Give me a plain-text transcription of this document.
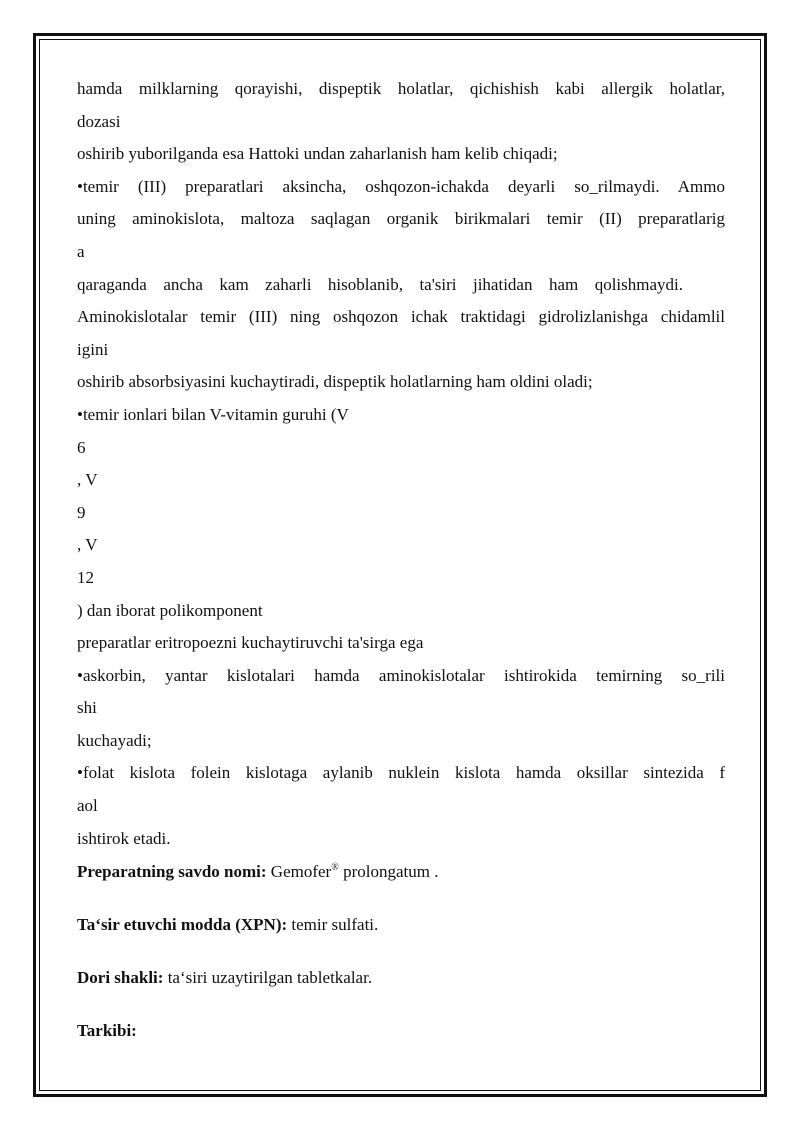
hamda milklarning qorayishi, dispeptik holatlar, qichishish kabi allergik holatlar,
dozasi
oshirib yuborilganda esa Hattoki undan zaharlanish ham kelib chiqadi;
•temir (III) preparatlari aksincha, oshqozon-ichakda deyarli so_rilmaydi. Ammo
uning aminokislota, maltoza saqlagan organik birikmalari temir (II) preparatlarig
a
qaraganda ancha kam zaharli hisoblanib, ta'siri jihatidan ham qolishmaydi.
Aminokislotalar temir (III) ning oshqozon ichak traktidagi gidrolizlanishga chidamlil
igini
oshirib absorbsiyasini kuchaytiradi, dispeptik holatlarning ham oldini oladi;
•temir ionlari bilan V-vitamin guruhi (V
6
, V
9
, V
12
) dan iborat polikomponent
preparatlar eritropoezni kuchaytiruvchi ta'sirga ega
•askorbin, yantar kislotalari hamda aminokislotalar ishtirokida temirning so_rili
shi
kuchayadi;
•folat kislota folein kislotaga aylanib nuklein kislota hamda oksillar sintezida f
aol
ishtirok etadi.
Preparatning savdo nomi: Gemofer® prolongatum .
Ta‘sir etuvchi modda (XPN): temir sulfati.
Dori shakli: ta‘siri uzaytirilgan tabletkalar.
Tarkibi:
